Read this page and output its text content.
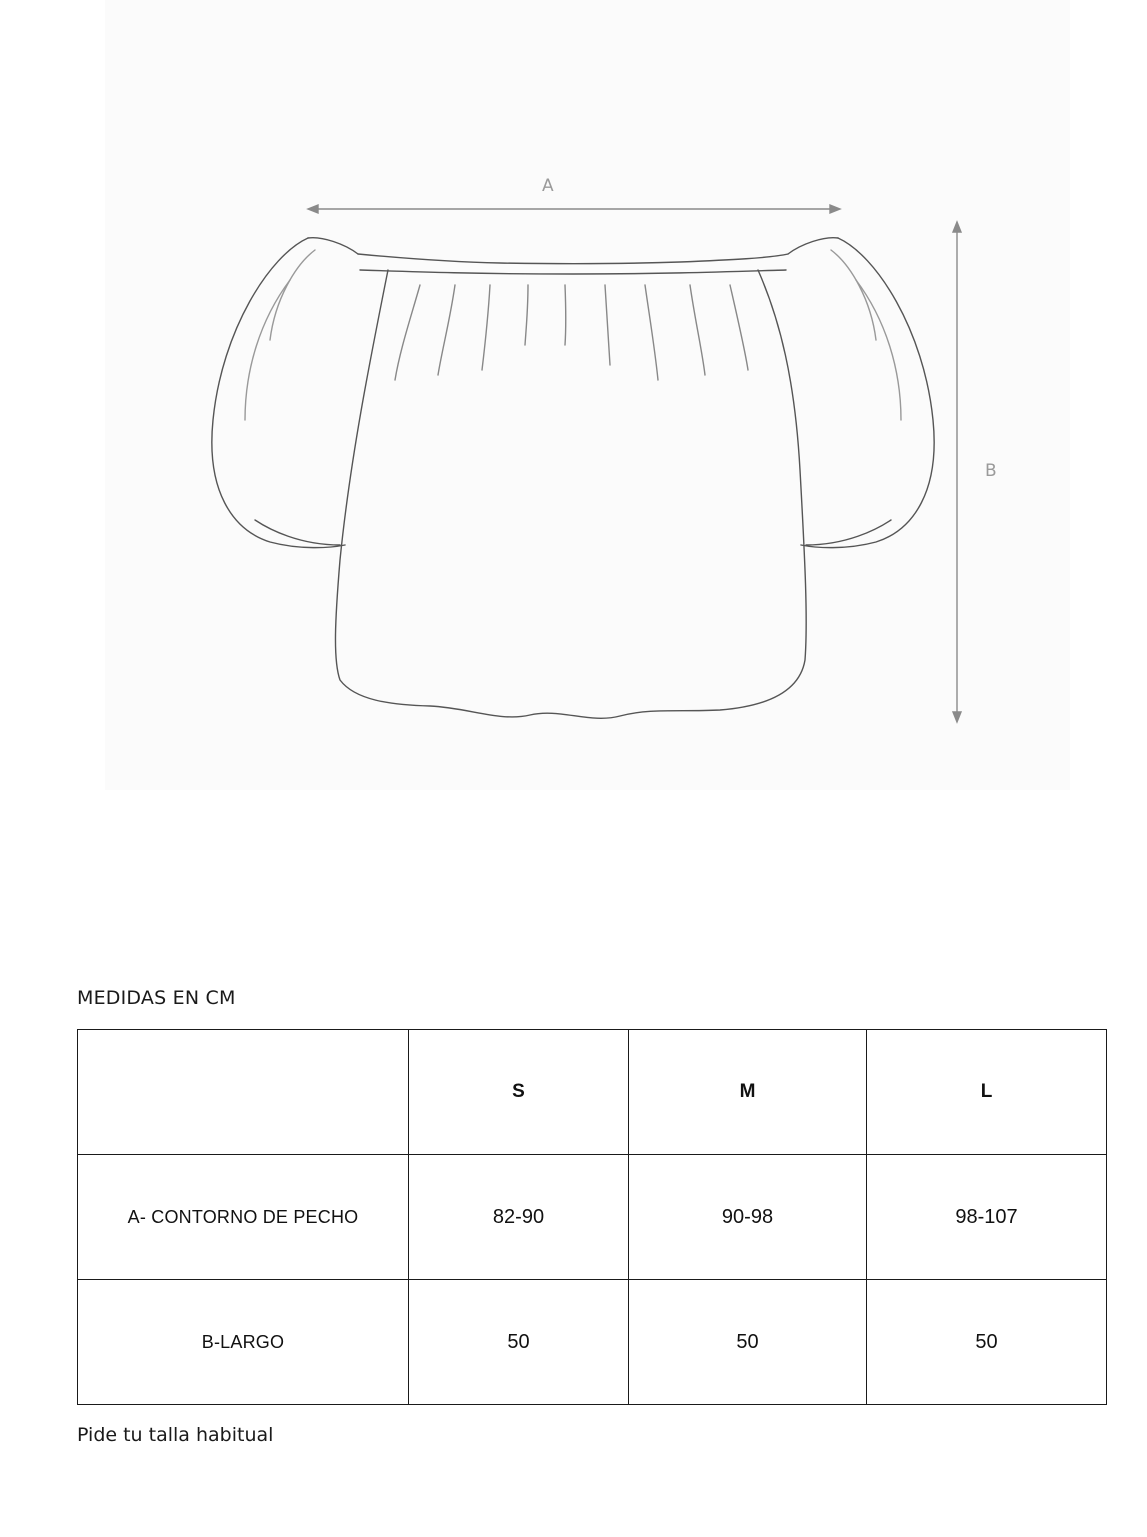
A
B
MEDIDAS EN CM
	S	M	L
A- CONTORNO DE PECHO	82-90	90-98	98-107
B-LARGO	50	50	50
Pide tu talla habitual
